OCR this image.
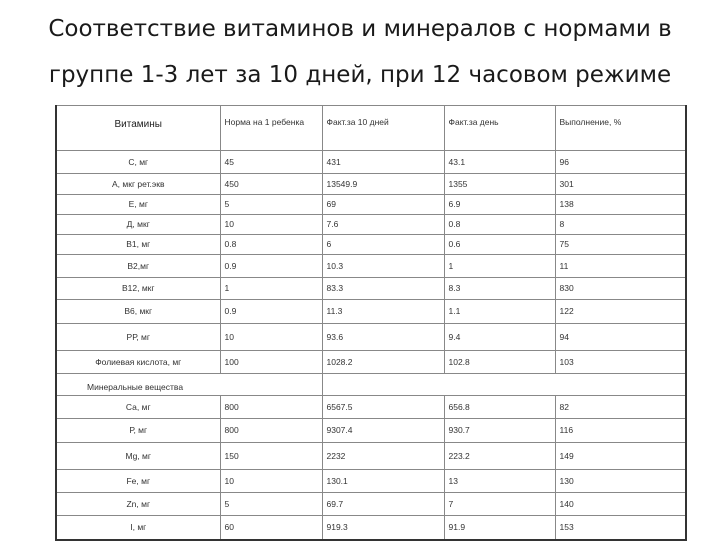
Соответствие витаминов и минералов с нормами в
группе 1-3 лет за 10 дней, при 12 часовом режиме
Витамины	Норма на 1 ребенка	Факт.за 10 дней	Факт.за день	Выполнение, %
С, мг	45	431	43.1	96
А, мкг рет.экв	450	13549.9	1355	301
Е, мг	5	69	6.9	138
Д, мкг	10	7.6	0.8	8
В1, мг	0.8	6	0.6	75
В2,мг	0.9	10.3	1	11
В12, мкг	1	83.3	8.3	830
В6, мкг	0.9	11.3	1.1	122
РР, мг	10	93.6	9.4	94
Фолиевая кислота, мг	100	1028.2	102.8	103
Минеральные вещества				
Са, мг	800	6567.5	656.8	82
Р, мг	800	9307.4	930.7	116
Mg, мг	150	2232	223.2	149
Fe, мг	10	130.1	13	130
Zn, мг	5	69.7	7	140
I, мг	60	919.3	91.9	153
